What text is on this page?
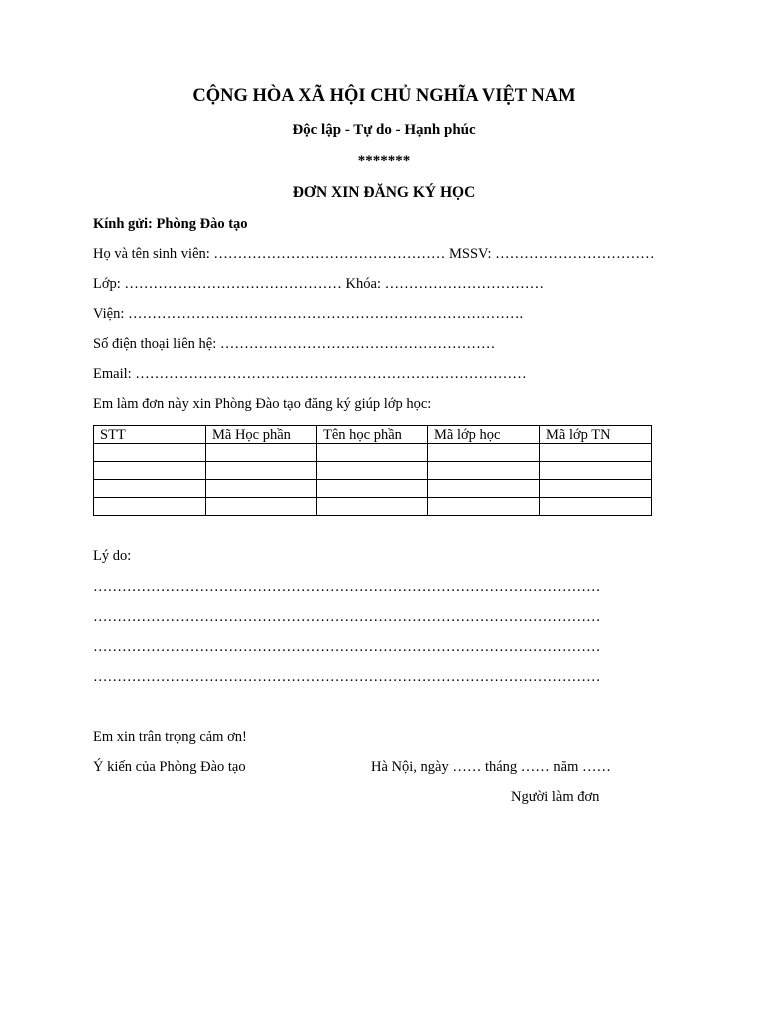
CỘNG HÒA XÃ HỘI CHỦ NGHĨA VIỆT NAM
Độc lập - Tự do - Hạnh phúc
*******
ĐƠN XIN ĐĂNG KÝ HỌC
Kính gửi: Phòng Đào tạo
Họ và tên sinh viên: ………………………………………… MSSV: ……………………………
Lớp: ……………………………………… Khóa: ……………………………
Viện: ……………………………………………………………………….
Số điện thoại liên hệ: …………………………………………………
Email: ………………………………………………………………………
Em làm đơn này xin Phòng Đào tạo đăng ký giúp lớp học:
STT	Mã Học phần	Tên học phần	Mã lớp học	Mã lớp TN

Lý do:
……………………………………………………………………………………………
……………………………………………………………………………………………
……………………………………………………………………………………………
……………………………………………………………………………………………
Em xin trân trọng cảm ơn!
Ý kiến của Phòng Đào tạo	Hà Nội, ngày …… tháng …… năm ……
Người làm đơn
